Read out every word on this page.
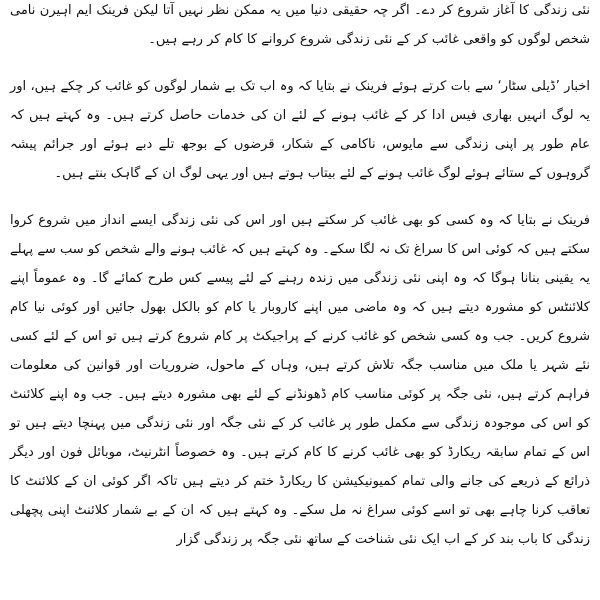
نئی زندگی کا آغاز شروع کر دے۔ اگر چہ حقیقی دنیا میں یہ ممکن نظر نہیں آتا لیکن فرینک ایم اہیرن نامی شخص لوگوں کو واقعی غائب کر کے نئی زندگی شروع کروانے کا کام کر رہے ہیں۔

اخبار ’ڈیلی سٹار‘ سے بات کرتے ہوئے فرینک نے بتایا کہ وہ اب تک بے شمار لوگوں کو غائب کر چکے ہیں، اور یہ لوگ انہیں بھاری فیس ادا کر کے غائب ہونے کے لئے ان کی خدمات حاصل کرتے ہیں۔ وہ کہتے ہیں کہ عام طور پر اپنی زندگی سے مایوس، ناکامی کے شکار، قرضوں کے بوجھ تلے دبے ہوئے اور جرائم پیشہ گروہوں کے ستائے ہوئے لوگ غائب ہونے کے لئے بیتاب ہوتے ہیں اور یہی لوگ ان کے گاہک بنتے ہیں۔

فرینک نے بتایا کہ وہ کسی کو بھی غائب کر سکتے ہیں اور اس کی نئی زندگی ایسے انداز میں شروع کروا سکتے ہیں کہ کوئی اس کا سراغ تک نہ لگا سکے۔ وہ کہتے ہیں کہ غائب ہونے والے شخص کو سب سے پہلے یہ یقینی بنانا ہوگا کہ وہ اپنی نئی زندگی میں زندہ رہنے کے لئے پیسے کس طرح کمائے گا۔ وہ عموماً اپنے کلائنٹس کو مشورہ دیتے ہیں کہ وہ ماضی میں اپنے کاروبار یا کام کو بالکل بھول جائیں اور کوئی نیا کام شروع کریں۔ جب وہ کسی شخص کو غائب کرنے کے پراجیکٹ پر کام شروع کرتے ہیں تو اس کے لئے کسی نئے شہر یا ملک میں مناسب جگہ تلاش کرتے ہیں، وہاں کے ماحول، ضروریات اور قوانین کی معلومات فراہم کرتے ہیں، نئی جگہ پر کوئی مناسب کام ڈھونڈنے کے لئے بھی مشورہ دیتے ہیں۔ جب وہ اپنے کلائنٹ کو اس کی موجودہ زندگی سے مکمل طور پر غائب کر کے نئی جگہ اور نئی زندگی میں پہنچا دیتے ہیں تو اس کے تمام سابقہ ریکارڈ کو بھی غائب کرنے کا کام کرتے ہیں۔ وہ خصوصاً انٹرنیٹ، موبائل فون اور دیگر ذرائع کے ذریعے کی جانے والی تمام کمیونیکیشن کا ریکارڈ ختم کر دیتے ہیں تاکہ اگر کوئی ان کے کلائنٹ کا تعاقب کرنا چاہے بھی تو اسے کوئی سراغ نہ مل سکے۔ وہ کہتے ہیں کہ ان کے بے شمار کلائنٹ اپنی پچھلی زندگی کا باب بند کر کے اب ایک نئی شناخت کے ساتھ نئی جگہ پر زندگی گزار
